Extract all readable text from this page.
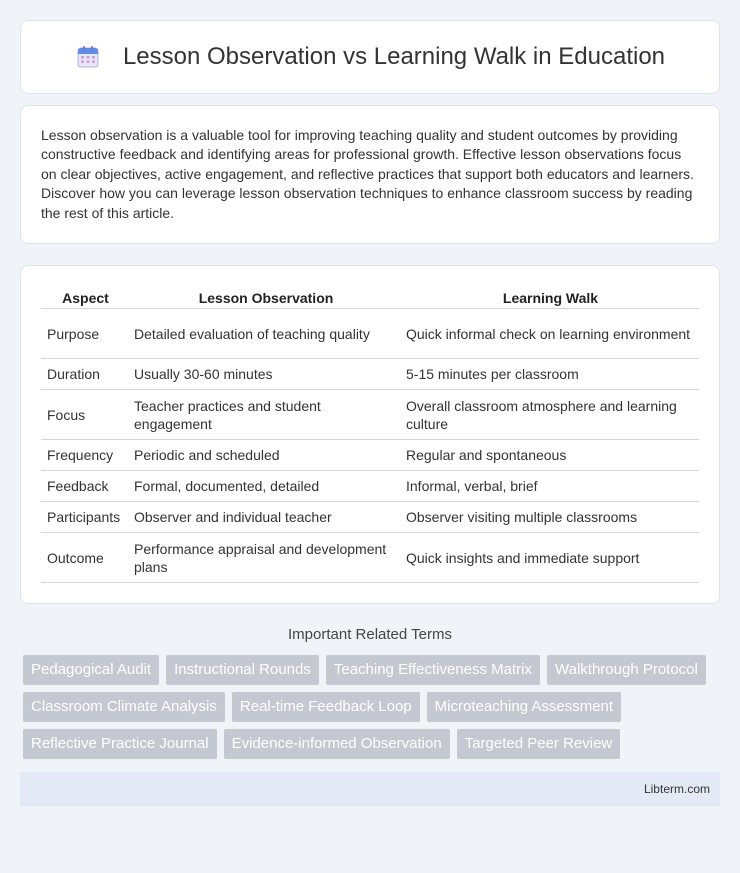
Lesson Observation vs Learning Walk in Education

Lesson observation is a valuable tool for improving teaching quality and student outcomes by providing constructive feedback and identifying areas for professional growth. Effective lesson observations focus on clear objectives, active engagement, and reflective practices that support both educators and learners. Discover how you can leverage lesson observation techniques to enhance classroom success by reading the rest of this article.

Aspect	Lesson Observation	Learning Walk
Purpose	Detailed evaluation of teaching quality	Quick informal check on learning environment
Duration	Usually 30-60 minutes	5-15 minutes per classroom
Focus	Teacher practices and student engagement	Overall classroom atmosphere and learning culture
Frequency	Periodic and scheduled	Regular and spontaneous
Feedback	Formal, documented, detailed	Informal, verbal, brief
Participants	Observer and individual teacher	Observer visiting multiple classrooms
Outcome	Performance appraisal and development plans	Quick insights and immediate support
Important Related Terms
Pedagogical Audit	Instructional Rounds	Teaching Effectiveness Matrix	Walkthrough Protocol
Classroom Climate Analysis	Real-time Feedback Loop	Microteaching Assessment
Reflective Practice Journal	Evidence-informed Observation	Targeted Peer Review
Libterm.com
